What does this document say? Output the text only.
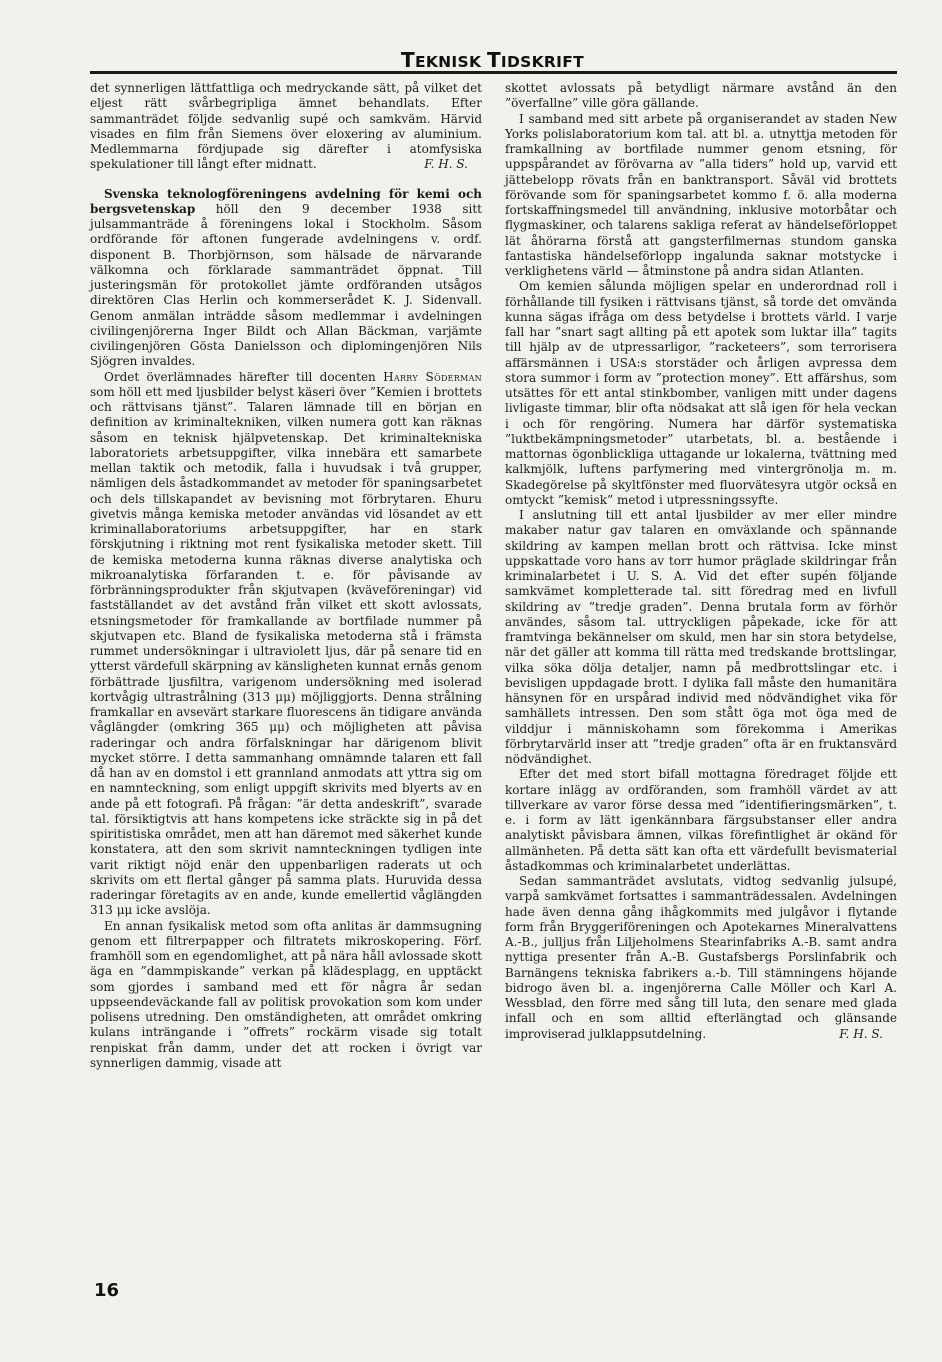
TEKNISK TIDSKRIFT

det synnerligen lättfattliga och medryckande sätt, på vilket det eljest rätt svårbegripliga ämnet behandlats. Efter sammanträdet följde sedvanlig supé och samkväm. Härvid visades en film från Siemens över eloxering av aluminium. Medlemmarna fördjupade sig därefter i atomfysiska spekulationer till långt efter midnatt.	F. H. S.

Svenska teknologföreningens avdelning för kemi och bergsvetenskap höll den 9 december 1938 sitt julsammanträde å föreningens lokal i Stockholm. Såsom ordförande för aftonen fungerade avdelningens v. ordf. disponent B. Thorbjörnson, som hälsade de närvarande välkomna och förklarade sammanträdet öppnat. Till justeringsmän för protokollet jämte ordföranden utsågos direktören Clas Herlin och kommerserådet K. J. Sidenvall. Genom anmälan inträdde såsom medlemmar i avdelningen civilingenjörerna Inger Bildt och Allan Bäckman, varjämte civilingenjören Gösta Danielsson och diplomingenjören Nils Sjögren invaldes.

Ordet överlämnades härefter till docenten Harry Söderman som höll ett med ljusbilder belyst käseri över ”Kemien i brottets och rättvisans tjänst”. Talaren lämnade till en början en definition av kriminaltekniken, vilken numera gott kan räknas såsom en teknisk hjälpvetenskap. Det kriminaltekniska laboratoriets arbetsuppgifter, vilka innebära ett samarbete mellan taktik och metodik, falla i huvudsak i två grupper, nämligen dels åstadkommandet av metoder för spaningsarbetet och dels tillskapandet av bevisning mot förbrytaren. Ehuru givetvis många kemiska metoder användas vid lösandet av ett kriminallaboratoriums arbetsuppgifter, har en stark förskjutning i riktning mot rent fysikaliska metoder skett. Till de kemiska metoderna kunna räknas diverse analytiska och mikroanalytiska förfaranden t. e. för påvisande av förbränningsprodukter från skjutvapen (kväveföreningar) vid fastställandet av det avstånd från vilket ett skott avlossats, etsningsmetoder för framkallande av bortfilade nummer på skjutvapen etc. Bland de fysikaliska metoderna stå i främsta rummet undersökningar i ultraviolett ljus, där på senare tid en ytterst värdefull skärpning av känsligheten kunnat ernås genom förbättrade ljusfiltra, varigenom undersökning med isolerad kortvågig ultrastrålning (313 μμ) möjliggjorts. Denna strålning framkallar en avsevärt starkare fluorescens än tidigare använda våglängder (omkring 365 μμ) och möjligheten att påvisa raderingar och andra förfalskningar har därigenom blivit mycket större. I detta sammanhang omnämnde talaren ett fall då han av en domstol i ett grannland anmodats att yttra sig om en namnteckning, som enligt uppgift skrivits med blyerts av en ande på ett fotografi. På frågan: ”är detta andeskrift”, svarade tal. försiktigtvis att hans kompetens icke sträckte sig in på det spiritistiska området, men att han däremot med säkerhet kunde konstatera, att den som skrivit namnteckningen tydligen inte varit riktigt nöjd enär den uppenbarligen raderats ut och skrivits om ett flertal gånger på samma plats. Huruvida dessa raderingar företagits av en ande, kunde emellertid våglängden 313 μμ icke avslöja.

En annan fysikalisk metod som ofta anlitas är dammsugning genom ett filtrerpapper och filtratets mikroskopering. Förf. framhöll som en egendomlighet, att på nära håll avlossade skott äga en ”dammpiskande” verkan på klädesplagg, en upptäckt som gjordes i samband med ett för några år sedan uppseendeväckande fall av politisk provokation som kom under polisens utredning. Den omständigheten, att området omkring kulans inträngande i ”offrets” rockärm visade sig totalt renpiskat från damm, under det att rocken i övrigt var synnerligen dammig, visade att

skottet avlossats på betydligt närmare avstånd än den ”överfallne” ville göra gällande.

I samband med sitt arbete på organiserandet av staden New Yorks polislaboratorium kom tal. att bl. a. utnyttja metoden för framkallning av bortfilade nummer genom etsning, för uppspårandet av förövarna av ”alla tiders” hold up, varvid ett jättebelopp rövats från en banktransport. Såväl vid brottets förövande som för spaningsarbetet kommo f. ö. alla moderna fortskaffningsmedel till användning, inklusive motorbåtar och flygmaskiner, och talarens sakliga referat av händelseförloppet lät åhörarna förstå att gangsterfilmernas stundom ganska fantastiska händelseförlopp ingalunda saknar motstycke i verklighetens värld — åtminstone på andra sidan Atlanten.

Om kemien sålunda möjligen spelar en underordnad roll i förhållande till fysiken i rättvisans tjänst, så torde det omvända kunna sägas ifråga om dess betydelse i brottets värld. I varje fall har ”snart sagt allting på ett apotek som luktar illa” tagits till hjälp av de utpressarligor, ”racketeers”, som terrorisera affärsmännen i USA:s storstäder och årligen avpressa dem stora summor i form av ”protection money”. Ett affärshus, som utsättes för ett antal stinkbomber, vanligen mitt under dagens livligaste timmar, blir ofta nödsakat att slå igen för hela veckan i och för rengöring. Numera har därför systematiska ”luktbekämpningsmetoder” utarbetats, bl. a. bestående i mattornas ögonblickliga uttagande ur lokalerna, tvättning med kalkmjölk, luftens parfymering med vintergrönolja m. m. Skadegörelse på skyltfönster med fluorvätesyra utgör också en omtyckt ”kemisk” metod i utpressningssyfte.

I anslutning till ett antal ljusbilder av mer eller mindre makaber natur gav talaren en omväxlande och spännande skildring av kampen mellan brott och rättvisa. Icke minst uppskattade voro hans av torr humor präglade skildringar från kriminalarbetet i U. S. A. Vid det efter supén följande samkvämet kompletterade tal. sitt föredrag med en livfull skildring av ”tredje graden”. Denna brutala form av förhör användes, såsom tal. uttryckligen påpekade, icke för att framtvinga bekännelser om skuld, men har sin stora betydelse, när det gäller att komma till rätta med tredskande brottslingar, vilka söka dölja detaljer, namn på medbrottslingar etc. i bevisligen uppdagade brott. I dylika fall måste den humanitära hänsynen för en urspårad individ med nödvändighet vika för samhällets intressen. Den som stått öga mot öga med de vilddjur i människohamn som förekomma i Amerikas förbrytarvärld inser att ”tredje graden” ofta är en fruktansvärd nödvändighet.

Efter det med stort bifall mottagna föredraget följde ett kortare inlägg av ordföranden, som framhöll värdet av att tillverkare av varor förse dessa med ”identifieringsmärken”, t. e. i form av lätt igenkännbara färgsubstanser eller andra analytiskt påvisbara ämnen, vilkas förefintlighet är okänd för allmänheten. På detta sätt kan ofta ett värdefullt bevismaterial åstadkommas och kriminalarbetet underlättas.

Sedan sammanträdet avslutats, vidtog sedvanlig julsupé, varpå samkvämet fortsattes i sammanträdessalen. Avdelningen hade även denna gång ihågkommits med julgåvor i flytande form från Bryggeriföreningen och Apotekarnes Mineralvattens A.-B., julljus från Liljeholmens Stearinfabriks A.-B. samt andra nyttiga presenter från A.-B. Gustafsbergs Porslinfabrik och Barnängens tekniska fabrikers a.-b. Till stämningens höjande bidrogo även bl. a. ingenjörerna Calle Möller och Karl A. Wessblad, den förre med sång till luta, den senare med glada infall och en som alltid efterlängtad och glänsande improviserad julklappsutdelning.	F. H. S.

16
